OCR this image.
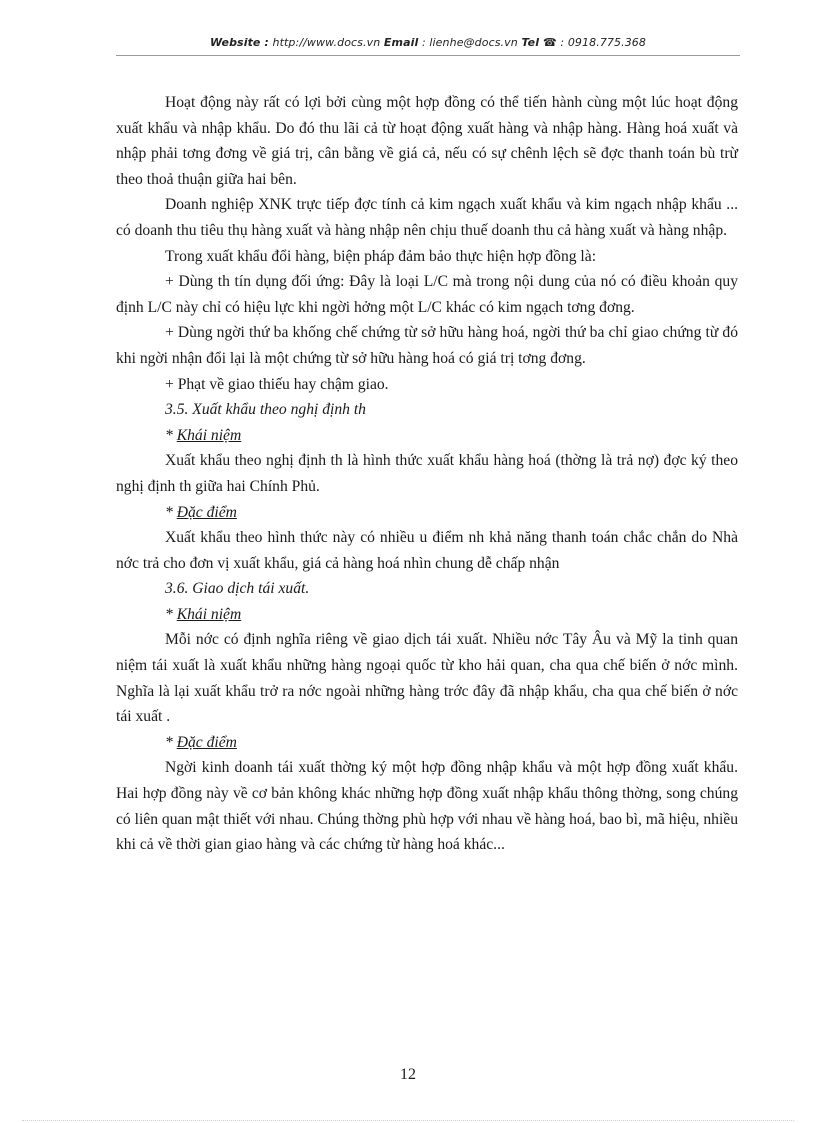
Website : http://www.docs.vn Email : lienhe@docs.vn Tel ☎ : 0918.775.368

Hoạt động này rất có lợi bởi cùng một hợp đồng có thể tiến hành cùng một lúc hoạt động xuất khẩu và nhập khẩu. Do đó thu lãi cả từ hoạt động xuất hàng và nhập hàng. Hàng hoá xuất và nhập phải tơng đơng về giá trị, cân bằng về giá cả, nếu có sự chênh lệch sẽ đợc thanh toán bù trừ theo thoả thuận giữa hai bên.

Doanh nghiệp XNK trực tiếp đợc tính cả kim ngạch xuất khẩu và kim ngạch nhập khẩu ... có doanh thu tiêu thụ hàng xuất và hàng nhập nên chịu thuế doanh thu cả hàng xuất và hàng nhập.

Trong xuất khẩu đổi hàng, biện pháp đảm bảo thực hiện hợp đồng là:

+ Dùng th tín dụng đối ứng: Đây là loại L/C mà trong nội dung của nó có điều khoản quy định L/C này chỉ có hiệu lực khi ngời hởng một L/C khác có kim ngạch tơng đơng.

+ Dùng ngời thứ ba khống chế chứng từ sở hữu hàng hoá, ngời thứ ba chỉ giao chứng từ đó khi ngời nhận đổi lại là một chứng từ sở hữu hàng hoá có giá trị tơng đơng.

+ Phạt về giao thiếu hay chậm giao.

3.5. Xuất khẩu theo nghị định th

* Khái niệm

Xuất khẩu theo nghị định th là hình thức xuất khẩu hàng hoá (thờng là trả nợ) đợc ký theo nghị định th giữa hai Chính Phủ.

* Đặc điểm

Xuất khẩu theo hình thức này có nhiều u điểm nh khả năng thanh toán chắc chắn do Nhà nớc trả cho đơn vị xuất khẩu, giá cả hàng hoá nhìn chung dễ chấp nhận

3.6. Giao dịch tái xuất.

* Khái niệm

Mỗi nớc có định nghĩa riêng về giao dịch tái xuất. Nhiều nớc Tây Âu và Mỹ la tinh quan niệm tái xuất là xuất khẩu những hàng ngoại quốc từ kho hải quan, cha qua chế biến ở nớc mình. Nghĩa là lại xuất khẩu trở ra nớc ngoài những hàng trớc đây đã nhập khẩu, cha qua chế biến ở nớc tái xuất .

* Đặc điểm

Ngời kinh doanh tái xuất thờng ký một hợp đồng nhập khẩu và một hợp đồng xuất khẩu. Hai hợp đồng này về cơ bản không khác những hợp đồng xuất nhập khẩu thông thờng, song chúng có liên quan mật thiết với nhau. Chúng thờng phù hợp với nhau về hàng hoá, bao bì, mã hiệu, nhiều khi cả về thời gian giao hàng và các chứng từ hàng hoá khác...

12
